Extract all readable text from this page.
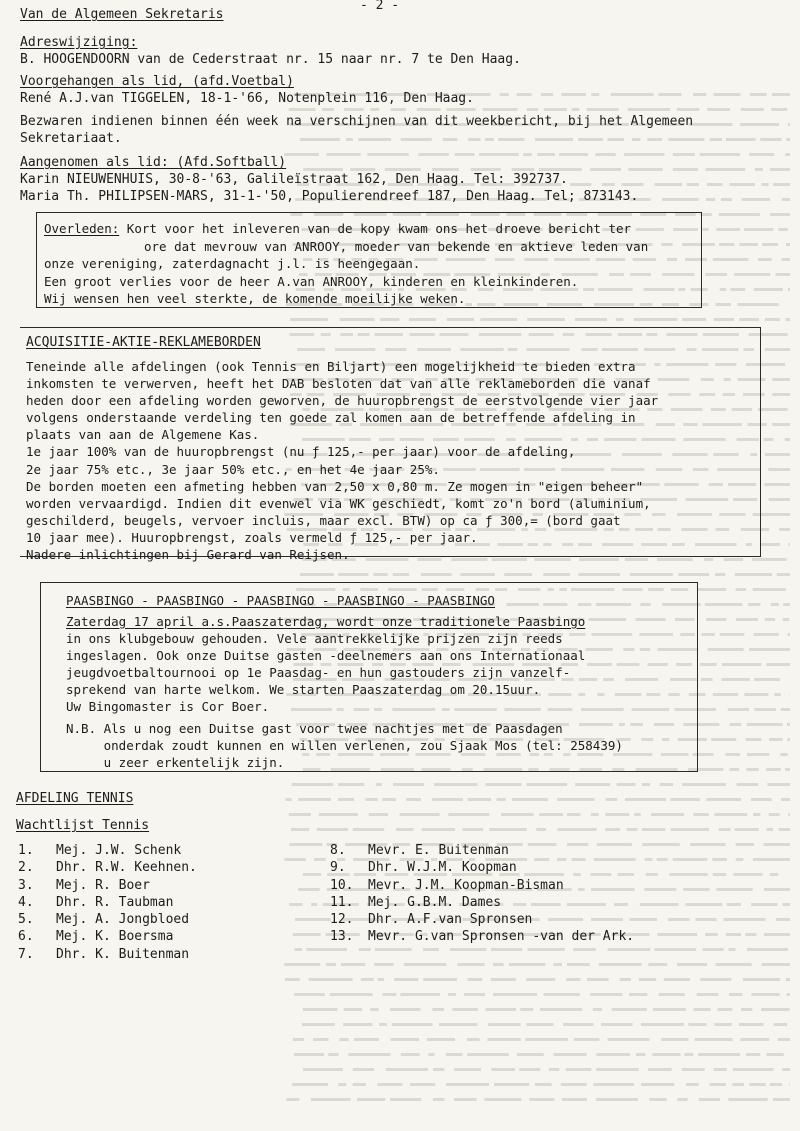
- 2 -
Van de Algemeen Sekretaris
Adreswijziging:
B. HOOGENDOORN van de Cederstraat nr. 15 naar nr. 7 te Den Haag.
Voorgehangen als lid, (afd.Voetbal)
René A.J.van TIGGELEN, 18-1-'66, Notenplein 116, Den Haag.
Bezwaren indienen binnen één week na verschijnen van dit weekbericht, bij het Algemeen
Sekretariaat.
Aangenomen als lid: (Afd.Softball)
Karin NIEUWENHUIS, 30-8-'63, Galileïstraat 162, Den Haag. Tel: 392737.
Maria Th. PHILIPSEN-MARS, 31-1-'50, Populierendreef 187, Den Haag. Tel; 873143.
Overleden: Kort voor het inleveren van de kopy kwam ons het droeve bericht ter
ore dat mevrouw van ANROOY, moeder van bekende en aktieve leden van
onze vereniging, zaterdagnacht j.l. is heengegaan.
Een groot verlies voor de heer A.van ANROOY, kinderen en kleinkinderen.
Wij wensen hen veel sterkte, de komende moeilijke weken.
ACQUISITIE-AKTIE-REKLAMEBORDEN
Teneinde alle afdelingen (ook Tennis en Biljart) een mogelijkheid te bieden extra
inkomsten te verwerven, heeft het DAB besloten dat van alle reklameborden die vanaf
heden door een afdeling worden geworven, de huuropbrengst de eerstvolgende vier jaar
volgens onderstaande verdeling ten goede zal komen aan de betreffende afdeling in
plaats van aan de Algemene Kas.
1e jaar 100% van de huuropbrengst (nu ƒ 125,- per jaar) voor de afdeling,
2e jaar 75% etc., 3e jaar 50% etc., en het 4e jaar 25%.
De borden moeten een afmeting hebben van 2,50 x 0,80 m. Ze mogen in "eigen beheer"
worden vervaardigd. Indien dit evenwel via WK geschiedt, komt zo'n bord (aluminium,
geschilderd, beugels, vervoer incluis, maar excl. BTW) op ca ƒ 300,= (bord gaat
10 jaar mee). Huuropbrengst, zoals vermeld ƒ 125,- per jaar.
Nadere inlichtingen bij Gerard van Reijsen.
PAASBINGO - PAASBINGO - PAASBINGO - PAASBINGO - PAASBINGO
Zaterdag 17 april a.s.Paaszaterdag, wordt onze traditionele Paasbingo
in ons klubgebouw gehouden. Vele aantrekkelijke prijzen zijn reeds
ingeslagen. Ook onze Duitse gasten -deelnemers aan ons Internationaal
jeugdvoetbaltournooi op 1e Paasdag- en hun gastouders zijn vanzelf-
sprekend van harte welkom. We starten Paaszaterdag om 20.15uur.
Uw Bingomaster is Cor Boer.
N.B. Als u nog een Duitse gast voor twee nachtjes met de Paasdagen
onderdak zoudt kunnen en willen verlenen, zou Sjaak Mos (tel: 258439)
u zeer erkentelijk zijn.
AFDELING TENNIS
Wachtlijst Tennis
1. Mej. J.W. Schenk
2. Dhr. R.W. Keehnen.
3. Mej. R. Boer
4. Dhr. R. Taubman
5. Mej. A. Jongbloed
6. Mej. K. Boersma
7. Dhr. K. Buitenman
8. Mevr. E. Buitenman
9. Dhr. W.J.M. Koopman
10. Mevr. J.M. Koopman-Bisman
11. Mej. G.B.M. Dames
12. Dhr. A.F.van Spronsen
13. Mevr. G.van Spronsen -van der Ark.
